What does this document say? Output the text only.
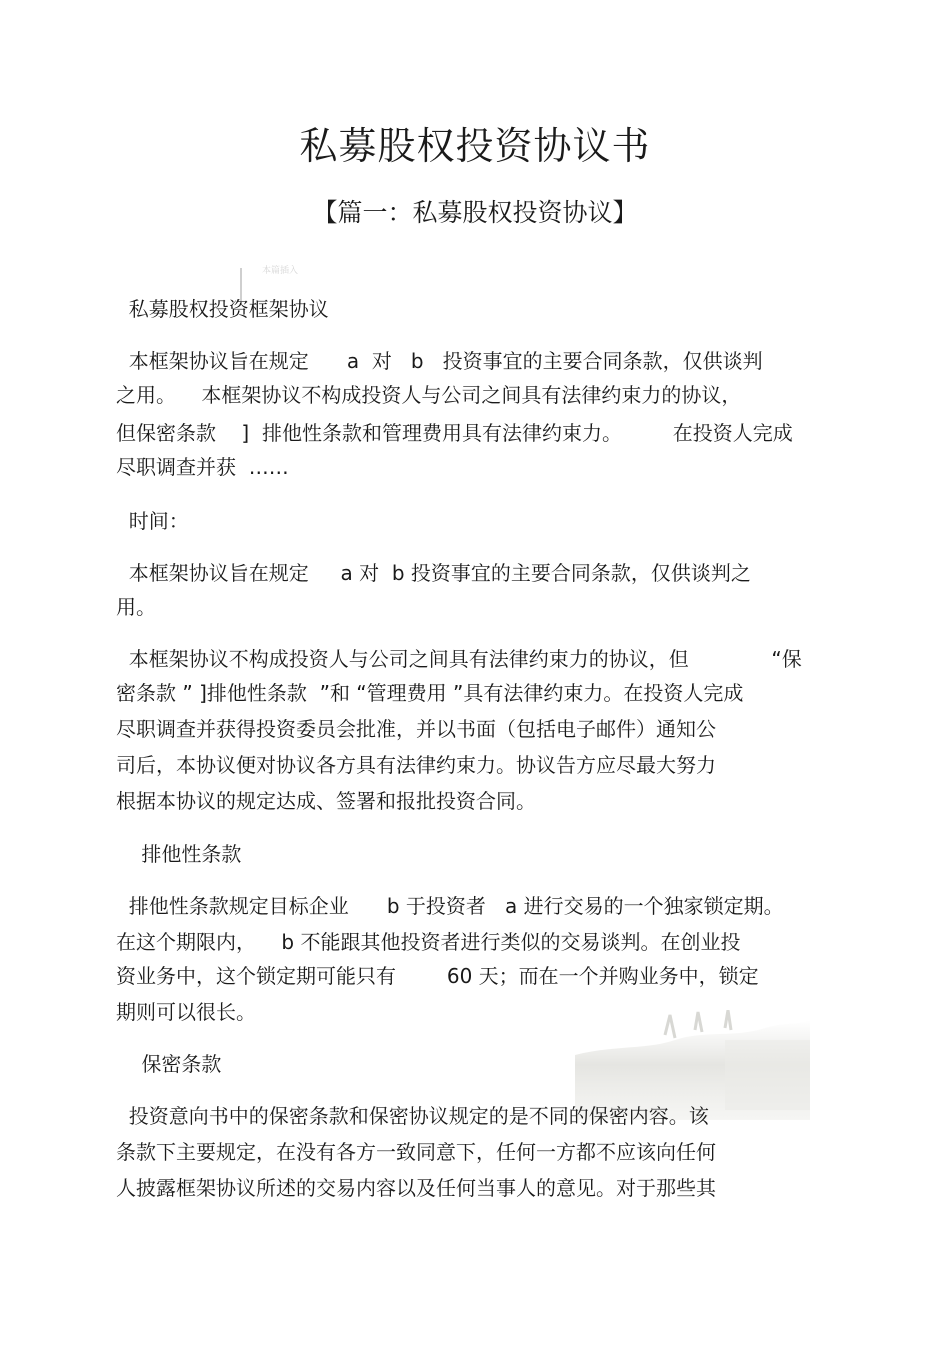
私募股权投资协议书
【篇一：私募股权投资协议】
本篇插入
私募股权投资框架协议
本框架协议旨在规定      a  对   b   投资事宜的主要合同条款，仅供谈判
之用。    本框架协议不构成投资人与公司之间具有法律约束力的协议，
但保密条款    ]  排他性条款和管理费用具有法律约束力。        在投资人完成
尽职调查并获  ……
时间：
本框架协议旨在规定     a 对  b 投资事宜的主要合同条款，仅供谈判之
用。
本框架协议不构成投资人与公司之间具有法律约束力的协议，但             “保
密条款 ” ]排他性条款  ”和 “管理费用 ”具有法律约束力。在投资人完成
尽职调查并获得投资委员会批准，并以书面（包括电子邮件）通知公
司后，本协议便对协议各方具有法律约束力。协议告方应尽最大努力
根据本协议的规定达成、签署和报批投资合同。
排他性条款
排他性条款规定目标企业      b 于投资者   a 进行交易的一个独家锁定期。
在这个期限内，    b 不能跟其他投资者进行类似的交易谈判。在创业投
资业务中，这个锁定期可能只有        60 天；而在一个并购业务中，锁定
期则可以很长。
保密条款
投资意向书中的保密条款和保密协议规定的是不同的保密内容。该
条款下主要规定，在没有各方一致同意下，任何一方都不应该向任何
人披露框架协议所述的交易内容以及任何当事人的意见。对于那些其
